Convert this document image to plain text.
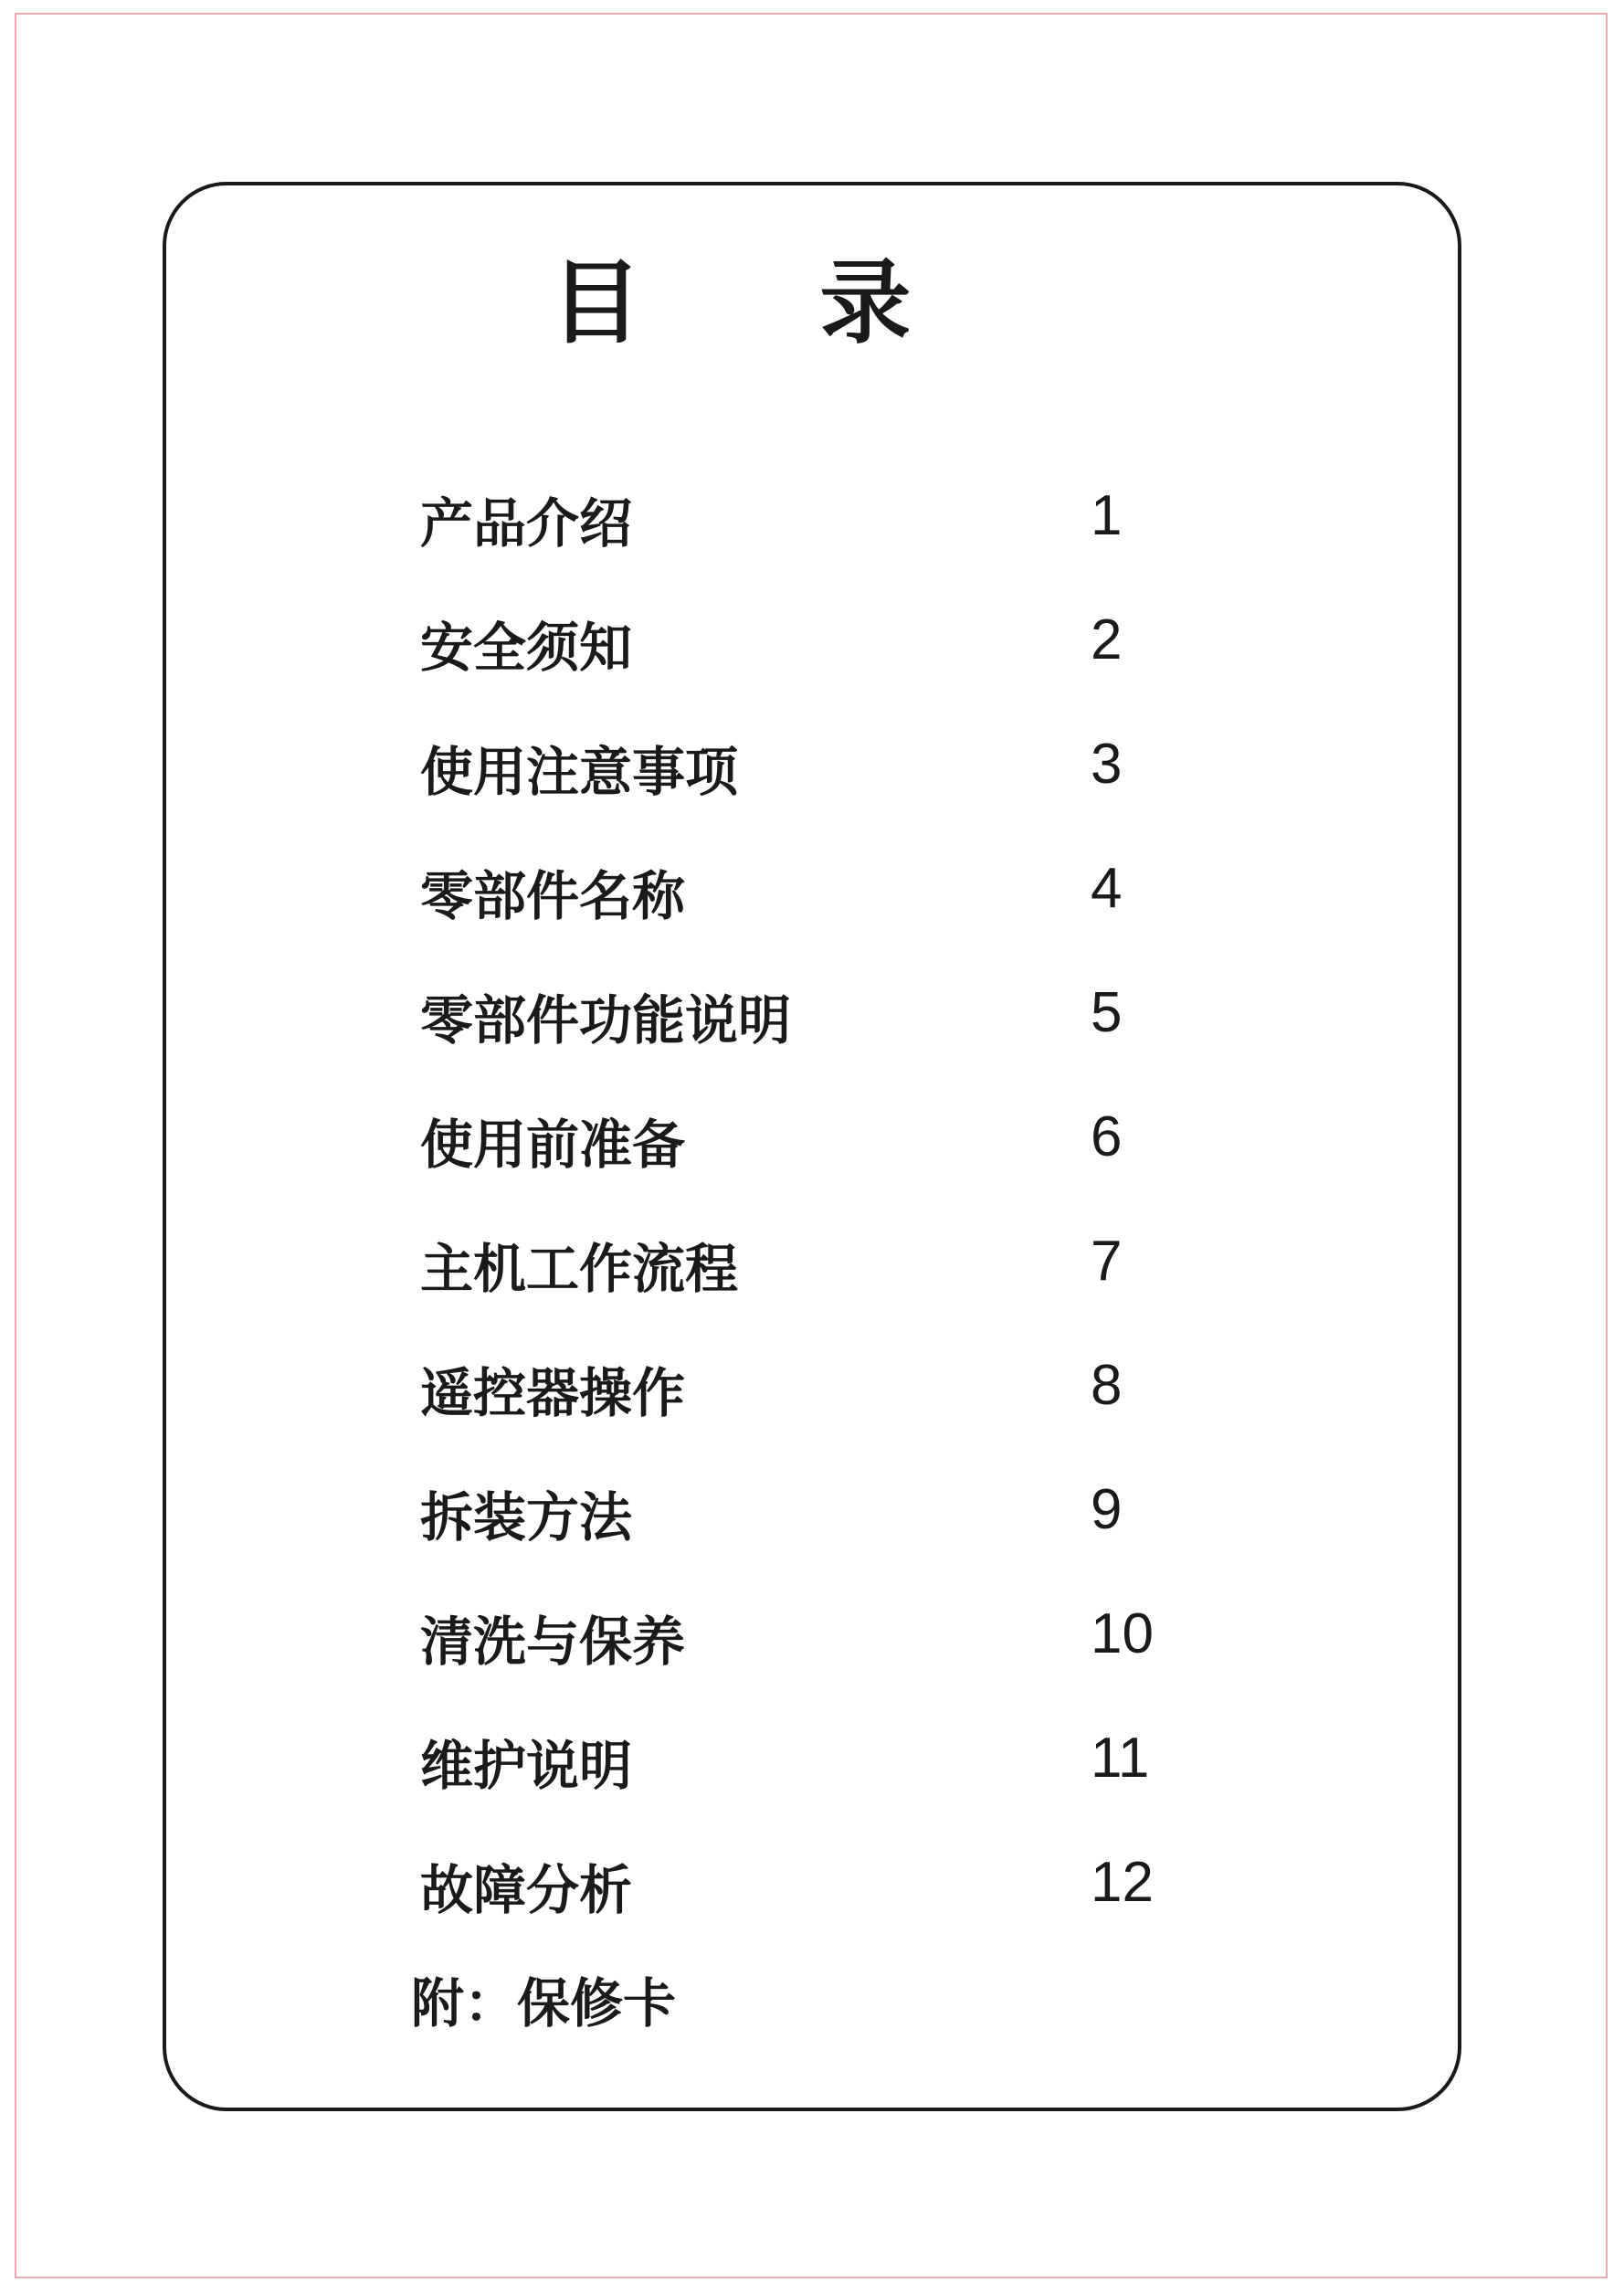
目 录
产品介绍	1
安全须知	2
使用注意事项	3
零部件名称	4
零部件功能说明	5
使用前准备	6
主机工作流程	7
遥控器操作	8
拆装方法	9
清洗与保养	10
维护说明	11
故障分析	12
附：保修卡
